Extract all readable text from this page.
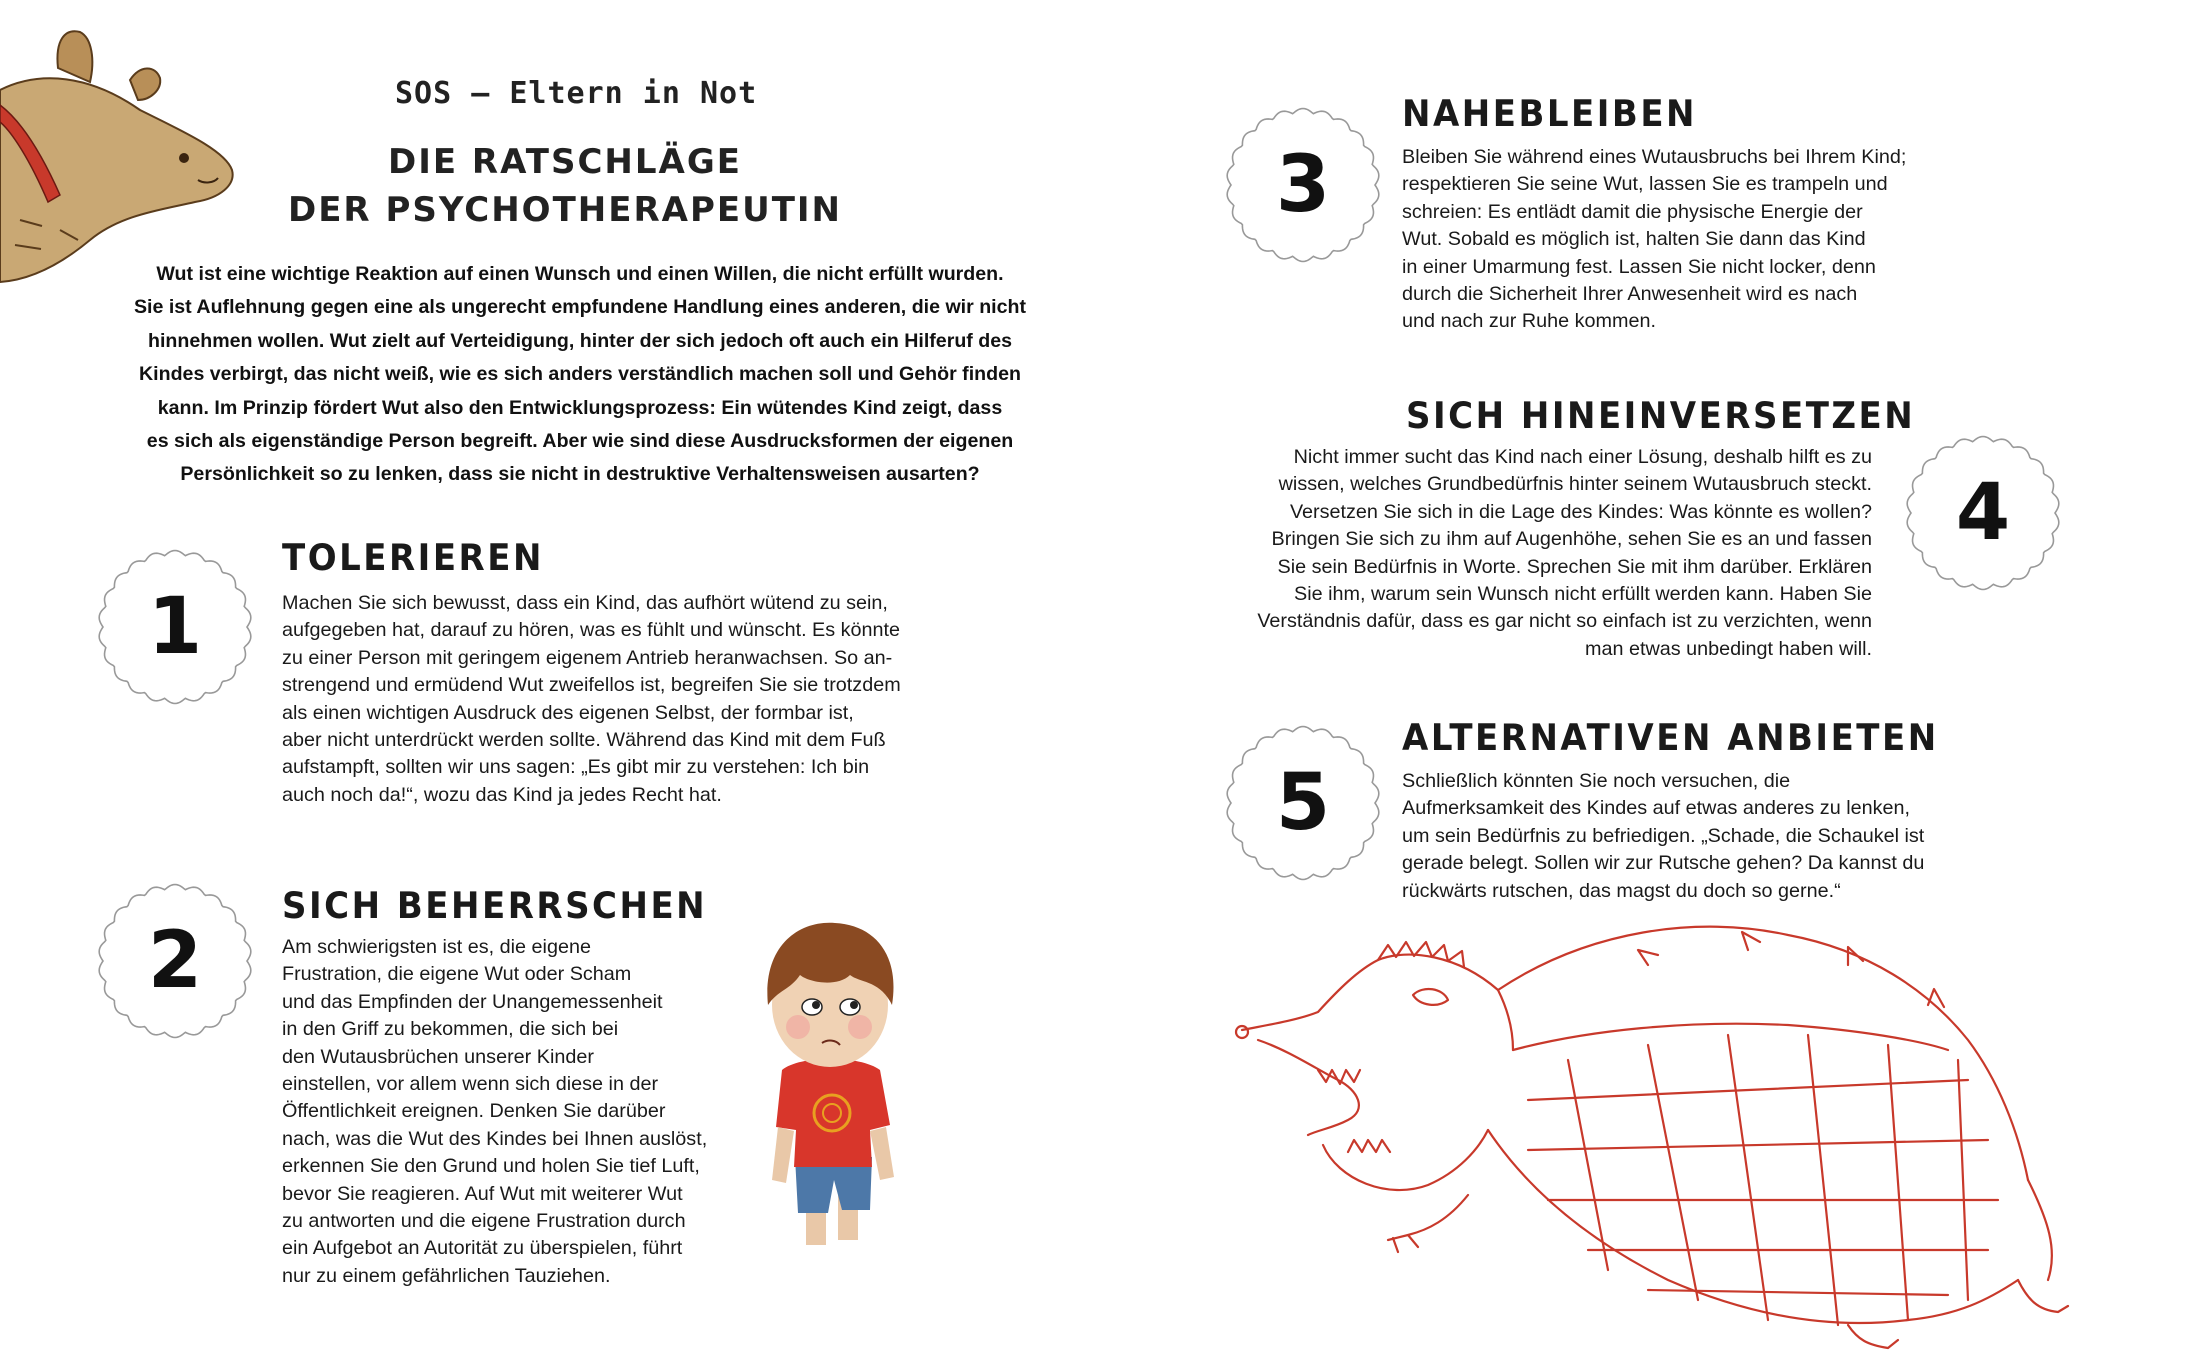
SOS – Eltern in Not
DIE RATSCHLÄGE
DER PSYCHOTHERAPEUTIN
Wut ist eine wichtige Reaktion auf einen Wunsch und einen Willen, die nicht erfüllt wurden.
Sie ist Auflehnung gegen eine als ungerecht empfundene Handlung eines anderen, die wir nicht
hinnehmen wollen. Wut zielt auf Verteidigung, hinter der sich jedoch oft auch ein Hilferuf des
Kindes verbirgt, das nicht weiß, wie es sich anders verständlich machen soll und Gehör finden
kann. Im Prinzip fördert Wut also den Entwicklungsprozess: Ein wütendes Kind zeigt, dass
es sich als eigenständige Person begreift. Aber wie sind diese Ausdrucksformen der eigenen
Persönlichkeit so zu lenken, dass sie nicht in destruktive Verhaltensweisen ausarten?
1
TOLERIEREN
Machen Sie sich bewusst, dass ein Kind, das aufhört wütend zu sein,
aufgegeben hat, darauf zu hören, was es fühlt und wünscht. Es könnte
zu einer Person mit geringem eigenem Antrieb heranwachsen. So an-
strengend und ermüdend Wut zweifellos ist, begreifen Sie sie trotzdem
als einen wichtigen Ausdruck des eigenen Selbst, der formbar ist,
aber nicht unterdrückt werden sollte. Während das Kind mit dem Fuß
aufstampft, sollten wir uns sagen: „Es gibt mir zu verstehen: Ich bin
auch noch da!“, wozu das Kind ja jedes Recht hat.
2
SICH BEHERRSCHEN
Am schwierigsten ist es, die eigene
Frustration, die eigene Wut oder Scham
und das Empfinden der Unangemessenheit
in den Griff zu bekommen, die sich bei
den Wutausbrüchen unserer Kinder
einstellen, vor allem wenn sich diese in der
Öffentlichkeit ereignen. Denken Sie darüber
nach, was die Wut des Kindes bei Ihnen auslöst,
erkennen Sie den Grund und holen Sie tief Luft,
bevor Sie reagieren. Auf Wut mit weiterer Wut
zu antworten und die eigene Frustration durch
ein Aufgebot an Autorität zu überspielen, führt
nur zu einem gefährlichen Tauziehen.
3
NAHEBLEIBEN
Bleiben Sie während eines Wutausbruchs bei Ihrem Kind;
respektieren Sie seine Wut, lassen Sie es trampeln und
schreien: Es entlädt damit die physische Energie der
Wut. Sobald es möglich ist, halten Sie dann das Kind
in einer Umarmung fest. Lassen Sie nicht locker, denn
durch die Sicherheit Ihrer Anwesenheit wird es nach
und nach zur Ruhe kommen.
SICH HINEINVERSETZEN
Nicht immer sucht das Kind nach einer Lösung, deshalb hilft es zu
wissen, welches Grundbedürfnis hinter seinem Wutausbruch steckt.
Versetzen Sie sich in die Lage des Kindes: Was könnte es wollen?
Bringen Sie sich zu ihm auf Augenhöhe, sehen Sie es an und fassen
Sie sein Bedürfnis in Worte. Sprechen Sie mit ihm darüber. Erklären
Sie ihm, warum sein Wunsch nicht erfüllt werden kann. Haben Sie
Verständnis dafür, dass es gar nicht so einfach ist zu verzichten, wenn
man etwas unbedingt haben will.
4
5
ALTERNATIVEN ANBIETEN
Schließlich könnten Sie noch versuchen, die
Aufmerksamkeit des Kindes auf etwas anderes zu lenken,
um sein Bedürfnis zu befriedigen. „Schade, die Schaukel ist
gerade belegt. Sollen wir zur Rutsche gehen? Da kannst du
rückwärts rutschen, das magst du doch so gerne.“
